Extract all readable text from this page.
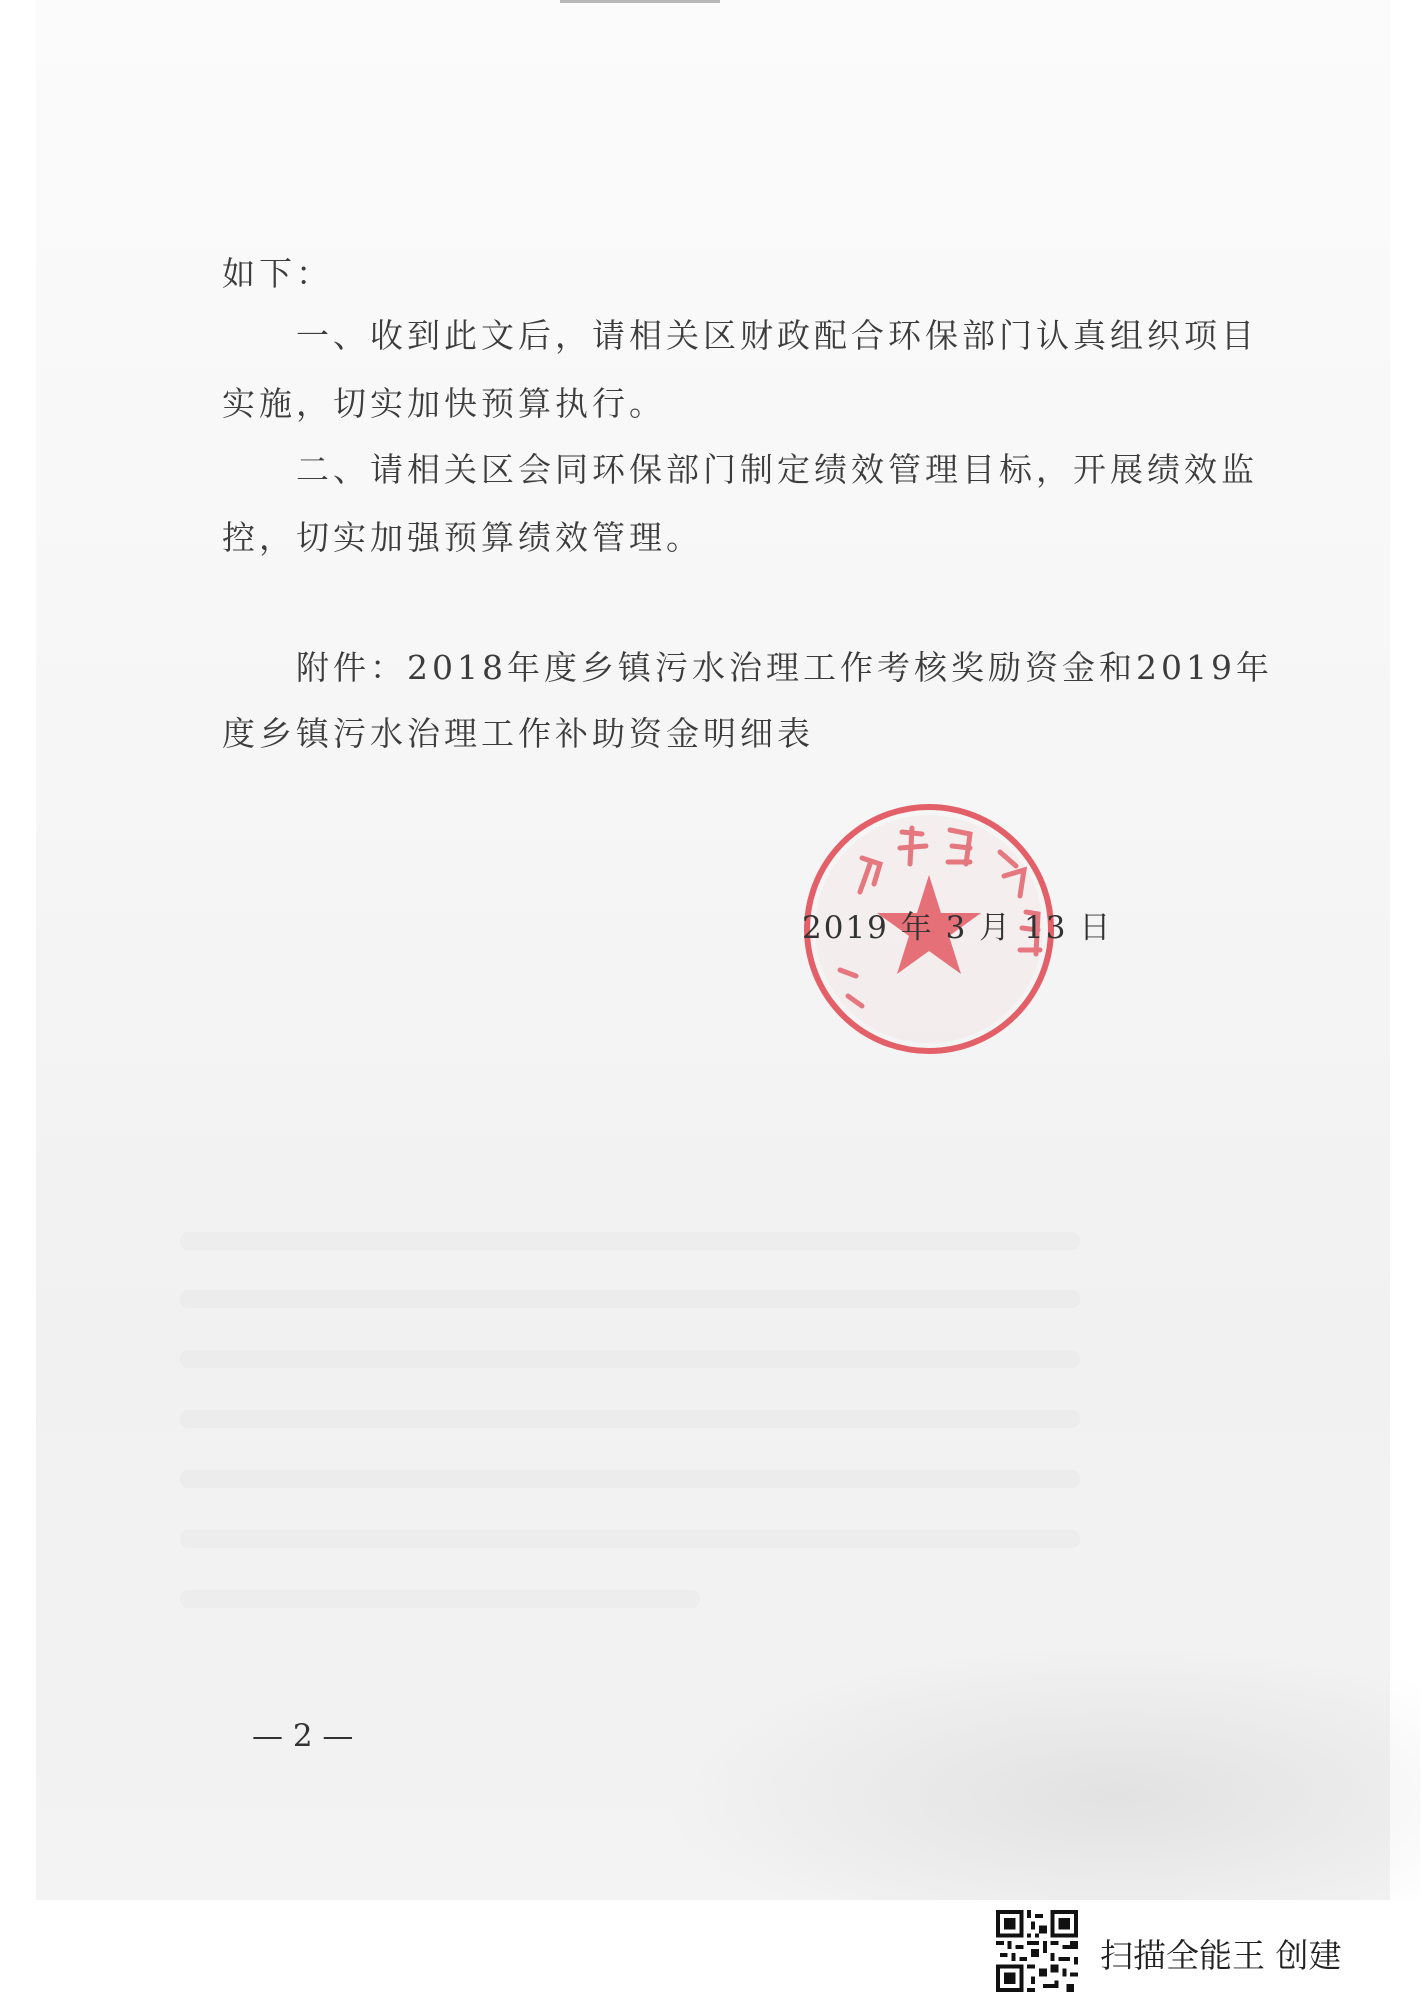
如下：
一、收到此文后，请相关区财政配合环保部门认真组织项目
实施，切实加快预算执行。
二、请相关区会同环保部门制定绩效管理目标，开展绩效监
控，切实加强预算绩效管理。
附件：2018年度乡镇污水治理工作考核奖励资金和2019年
度乡镇污水治理工作补助资金明细表
2019 年 3 月 13 日
— 2 —
扫描全能王 创建
